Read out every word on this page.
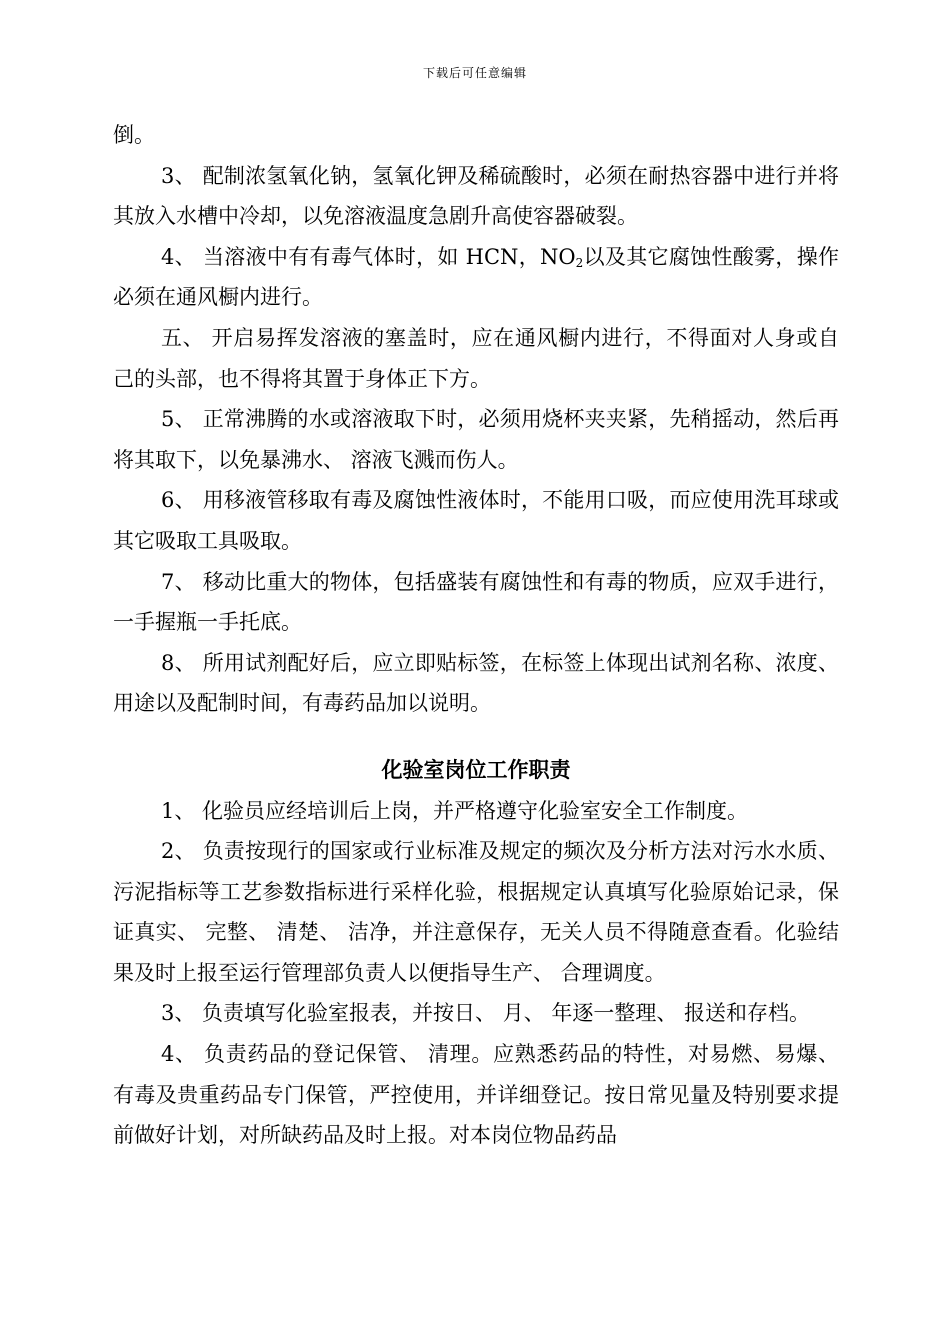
下载后可任意编辑

倒。

3、 配制浓氢氧化钠，氢氧化钾及稀硫酸时，必须在耐热容器中进行并将其放入水槽中冷却，以免溶液温度急剧升高使容器破裂。

4、 当溶液中有有毒气体时，如 HCN，$NO_2$以及其它腐蚀性酸雾，操作必须在通风橱内进行。

五、 开启易挥发溶液的塞盖时，应在通风橱内进行，不得面对人身或自己的头部，也不得将其置于身体正下方。

5、 正常沸腾的水或溶液取下时，必须用烧杯夹夹紧，先稍摇动，然后再将其取下，以免暴沸水、 溶液飞溅而伤人。

6、 用移液管移取有毒及腐蚀性液体时，不能用口吸，而应使用洗耳球或其它吸取工具吸取。

7、 移动比重大的物体，包括盛装有腐蚀性和有毒的物质，应双手进行，一手握瓶一手托底。

8、 所用试剂配好后，应立即贴标签，在标签上体现出试剂名称、浓度、 用途以及配制时间，有毒药品加以说明。

化验室岗位工作职责

1、 化验员应经培训后上岗，并严格遵守化验室安全工作制度。

2、 负责按现行的国家或行业标准及规定的频次及分析方法对污水水质、 污泥指标等工艺参数指标进行采样化验，根据规定认真填写化验原始记录，保证真实、 完整、 清楚、 洁净，并注意保存，无关人员不得随意查看。化验结果及时上报至运行管理部负责人以便指导生产、 合理调度。

3、 负责填写化验室报表，并按日、 月、 年逐一整理、 报送和存档。

4、 负责药品的登记保管、 清理。应熟悉药品的特性，对易燃、易爆、 有毒及贵重药品专门保管，严控使用，并详细登记。按日常见量及特别要求提前做好计划，对所缺药品及时上报。对本岗位物品药品
